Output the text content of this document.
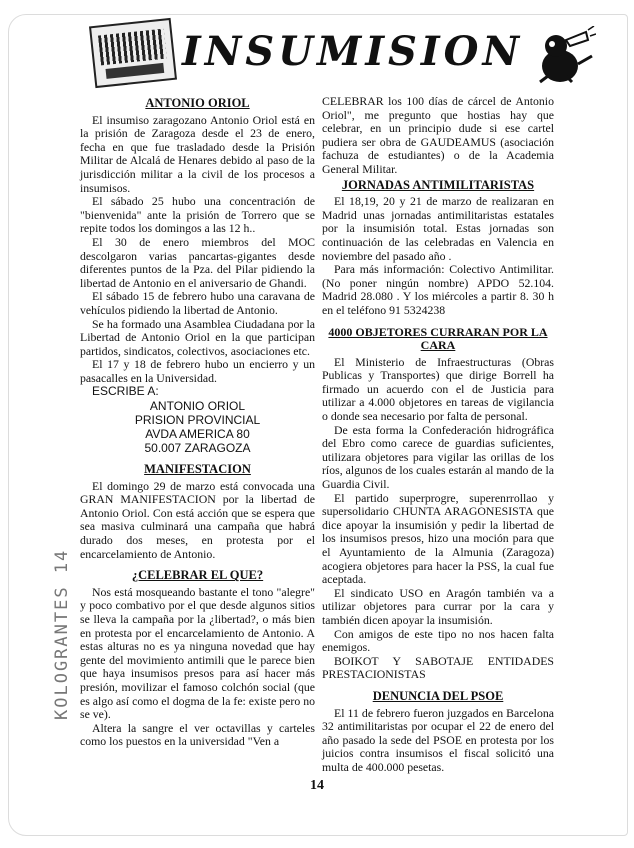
INSUMISION
ANTONIO ORIOL

El insumiso zaragozano Antonio Oriol está en la prisión de Zaragoza desde el 23 de enero, fecha en que fue trasladado desde la Prisión Militar de Alcalá de Henares debido al paso de la jurisdicción militar a la civil de los procesos a insumisos.

El sábado 25 hubo una concentración de "bienvenida" ante la prisión de Torrero que se repite todos los domingos a las 12 h..

El 30 de enero miembros del MOC descolgaron varias pancartas-gigantes desde diferentes puntos de la Pza. del Pilar pidiendo la libertad de Antonio en el aniversario de Ghandi.

El sábado 15 de febrero hubo una caravana de vehículos pidiendo la libertad de Antonio.

Se ha formado una Asamblea Ciudadana por la Libertad de Antonio Oriol en la que participan partidos, sindicatos, colectivos, asociaciones etc.

El 17 y 18 de febrero hubo un encierro y un pasacalles en la Universidad.

ESCRIBE A:

ANTONIO ORIOL
PRISION PROVINCIAL
AVDA AMERICA 80
50.007 ZARAGOZA
MANIFESTACION

El domingo 29 de marzo está convocada una GRAN MANIFESTACION por la libertad de Antonio Oriol. Con está acción que se espera que sea masiva culminará una campaña que habrá durado dos meses, en protesta por el encarcelamiento de Antonio.

¿CELEBRAR EL QUE?

Nos está mosqueando bastante el tono "alegre" y poco combativo por el que desde algunos sitios se lleva la campaña por la ¿libertad?, o más bien en protesta por el encarcelamiento de Antonio. A estas alturas no es ya ninguna novedad que hay gente del movimiento antimili que le parece bien que haya insumisos presos para así hacer más presión, movilizar el famoso colchón social (que es algo así como el dogma de la fe: existe pero no se ve).

Altera la sangre el ver octavillas y carteles como los puestos en la universidad "Ven a

CELEBRAR los 100 días de cárcel de Antonio Oriol", me pregunto que hostias hay que celebrar, en un principio dude si ese cartel pudiera ser obra de GAUDEAMUS (asociación fachuza de estudiantes) o de la Academia General Militar.

JORNADAS ANTIMILITARISTAS

El 18,19, 20 y 21 de marzo de realizaran en Madrid unas jornadas antimilitaristas estatales por la insumisión total. Estas jornadas son continuación de las celebradas en Valencia en noviembre del pasado año .

Para más información: Colectivo Antimilitar.(No poner ningún nombre) APDO 52.104. Madrid 28.080 . Y los miércoles a partir 8. 30 h en el teléfono 91 5324238

4000 OBJETORES CURRARAN POR LA CARA

El Ministerio de Infraestructuras (Obras Publicas y Transportes) que dirige Borrell ha firmado un acuerdo con el de Justicia para utilizar a 4.000 objetores en tareas de vigilancia o donde sea necesario por falta de personal.

De esta forma la Confederación hidrográfica del Ebro como carece de guardias suficientes, utilizara objetores para vigilar las orillas de los ríos, algunos de los cuales estarán al mando de la Guardia Civil.

El partido superprogre, superenrrollao y supersolidario CHUNTA ARAGONESISTA que dice apoyar la insumisión y pedir la libertad de los insumisos presos, hizo una moción para que el Ayuntamiento de la Almunia (Zaragoza) acogiera objetores para hacer la PSS, la cual fue aceptada.

El sindicato USO en Aragón también va a utilizar objetores para currar por la cara y también dicen apoyar la insumisión.

Con amigos de este tipo no nos hacen falta enemigos.

BOIKOT Y SABOTAJE ENTIDADES PRESTACIONISTAS

DENUNCIA DEL PSOE

El 11 de febrero fueron juzgados en Barcelona 32 antimilitaristas por ocupar el 22 de enero del año pasado la sede del PSOE en protesta por los juicios contra insumisos el fiscal solicitó una multa de 400.000 pesetas.

KOLOGRANTES 14
14
